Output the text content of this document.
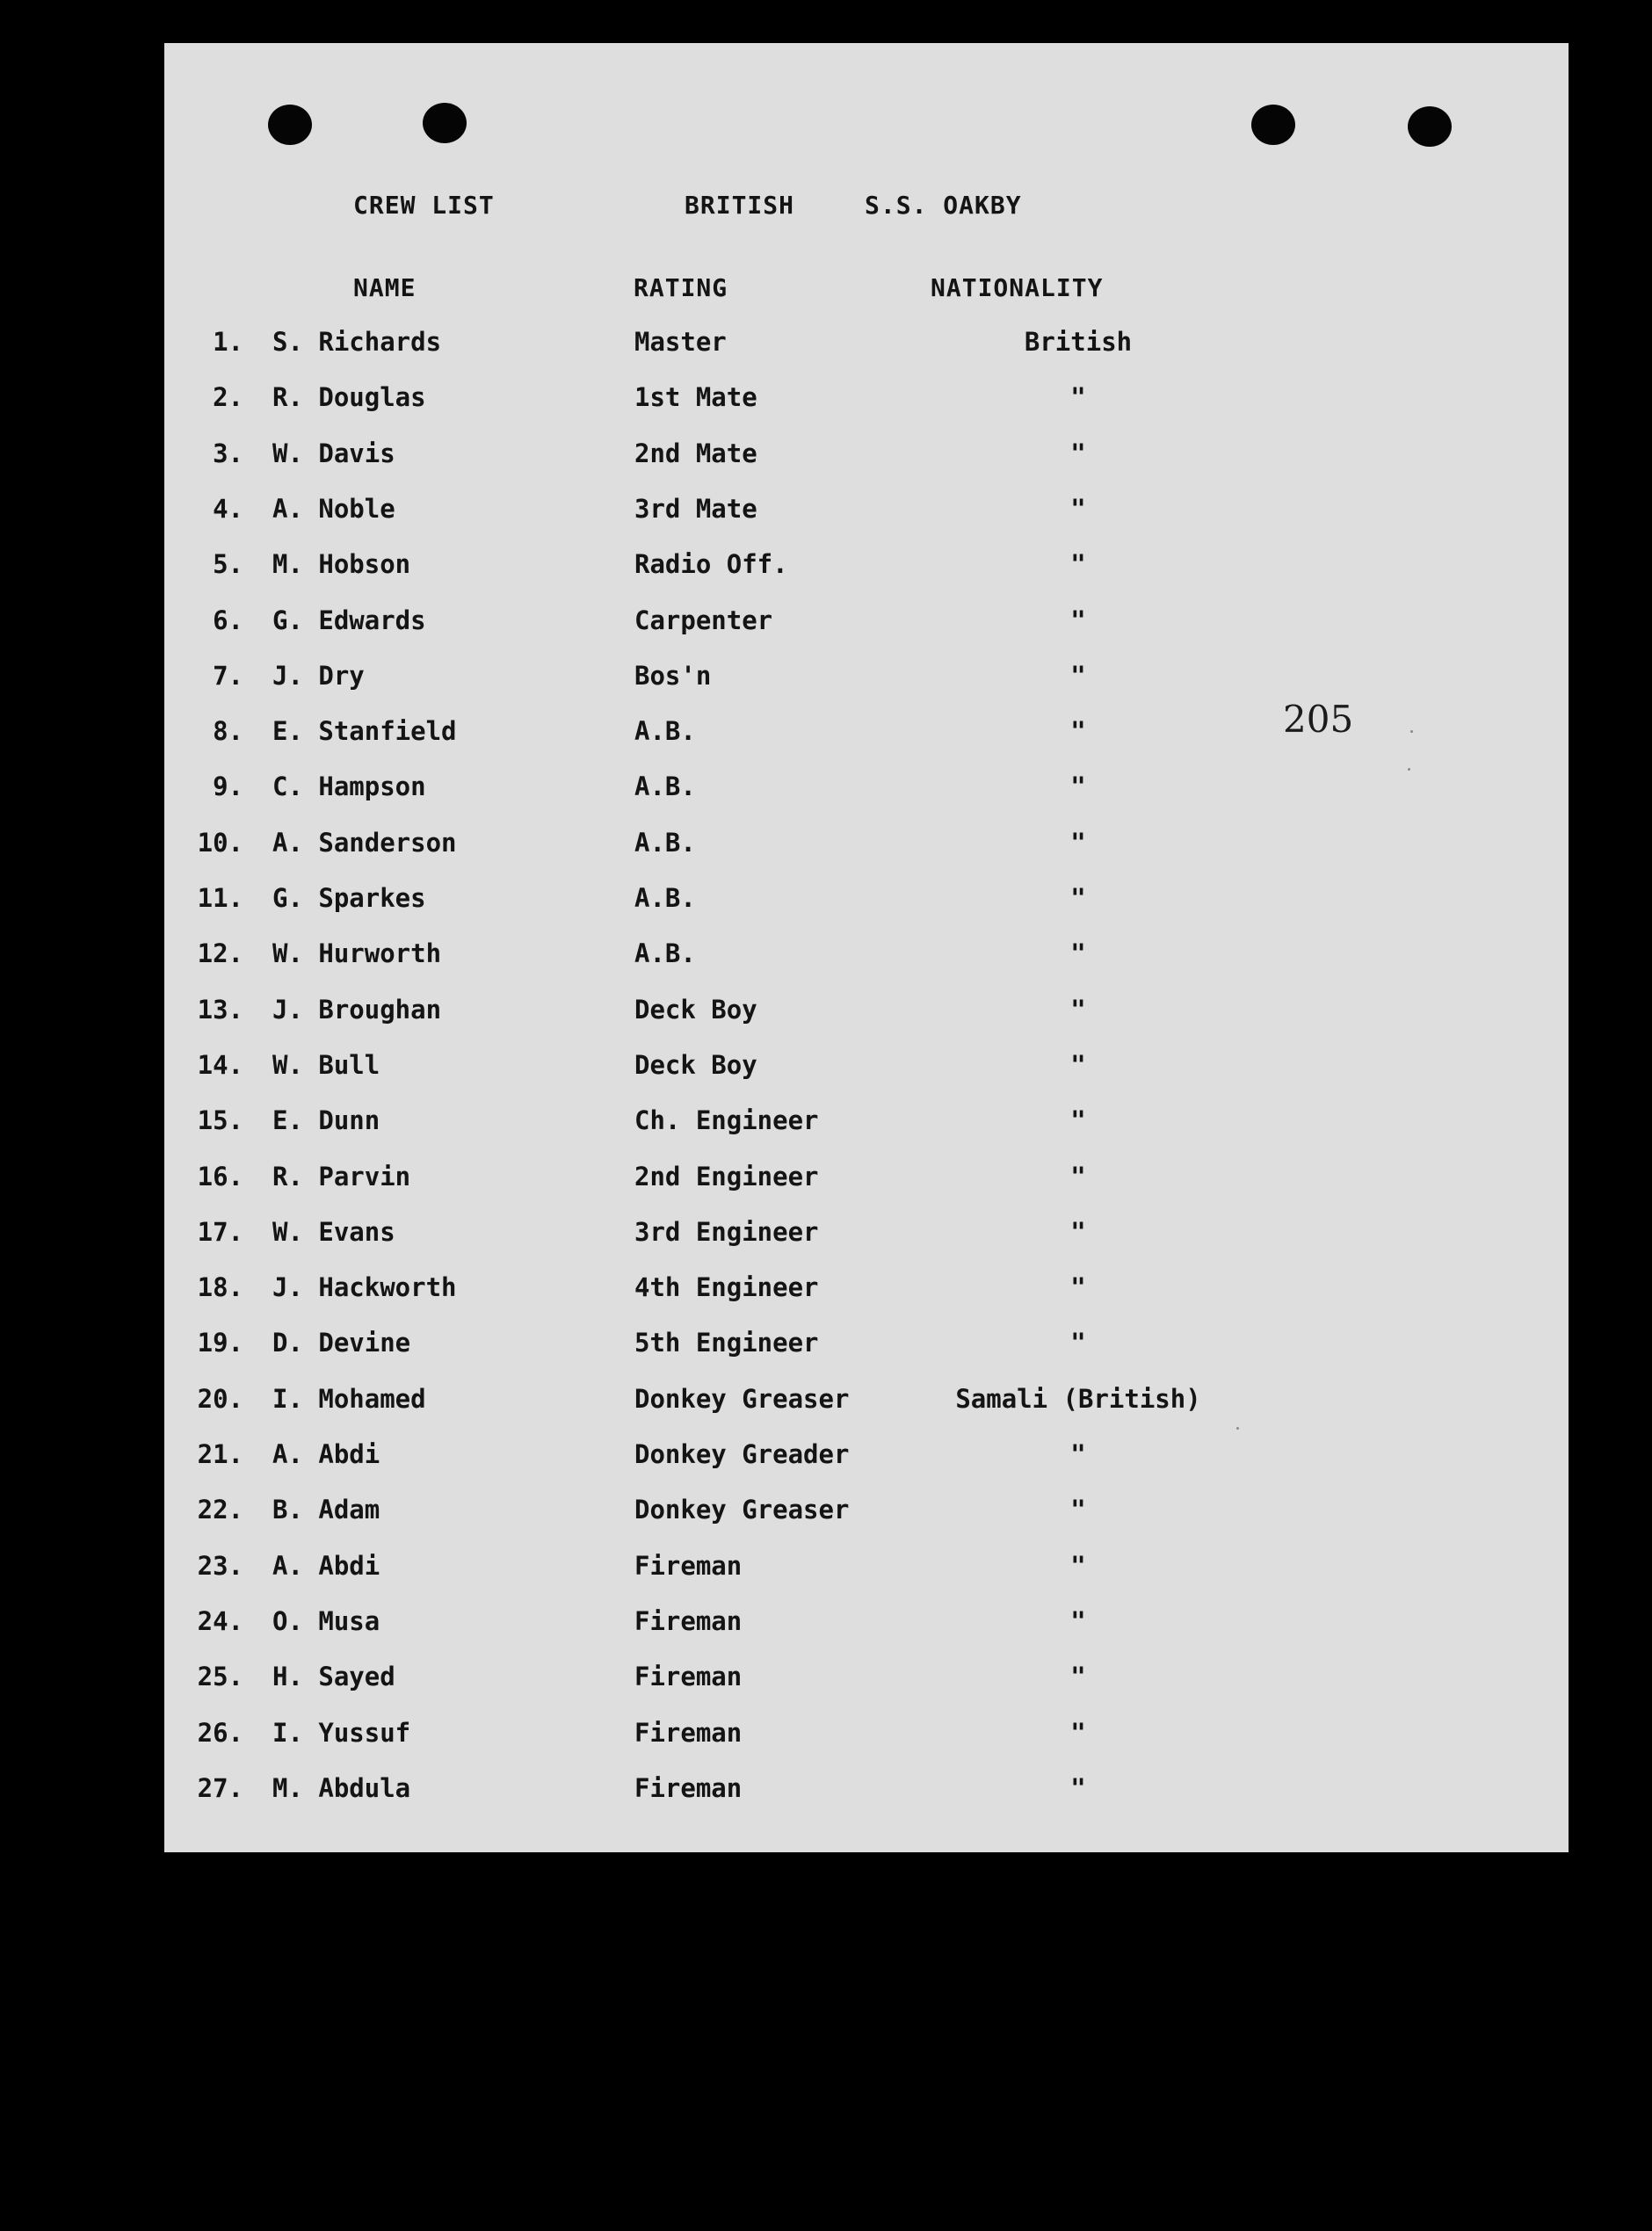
CREW LIST	BRITISH	S.S. OAKBY
NAME	RATING	NATIONALITY
1. S. Richards	Master	British
2. R. Douglas	1st Mate	"
3. W. Davis	2nd Mate	"
4. A. Noble	3rd Mate	"
5. M. Hobson	Radio Off.	"
6. G. Edwards	Carpenter	"
7. J. Dry	Bos'n	"
8. E. Stanfield	A.B.	"
9. C. Hampson	A.B.	"
10. A. Sanderson	A.B.	"
11. G. Sparkes	A.B.	"
12. W. Hurworth	A.B.	"
13. J. Broughan	Deck Boy	"
14. W. Bull	Deck Boy	"
15. E. Dunn	Ch. Engineer	"
16. R. Parvin	2nd Engineer	"
17. W. Evans	3rd Engineer	"
18. J. Hackworth	4th Engineer	"
19. D. Devine	5th Engineer	"
20. I. Mohamed	Donkey Greaser	Samali (British)
21. A. Abdi	Donkey Greader	"
22. B. Adam	Donkey Greaser	"
23. A. Abdi	Fireman	"
24. O. Musa	Fireman	"
25. H. Sayed	Fireman	"
26. I. Yussuf	Fireman	"
27. M. Abdula	Fireman	"
205
